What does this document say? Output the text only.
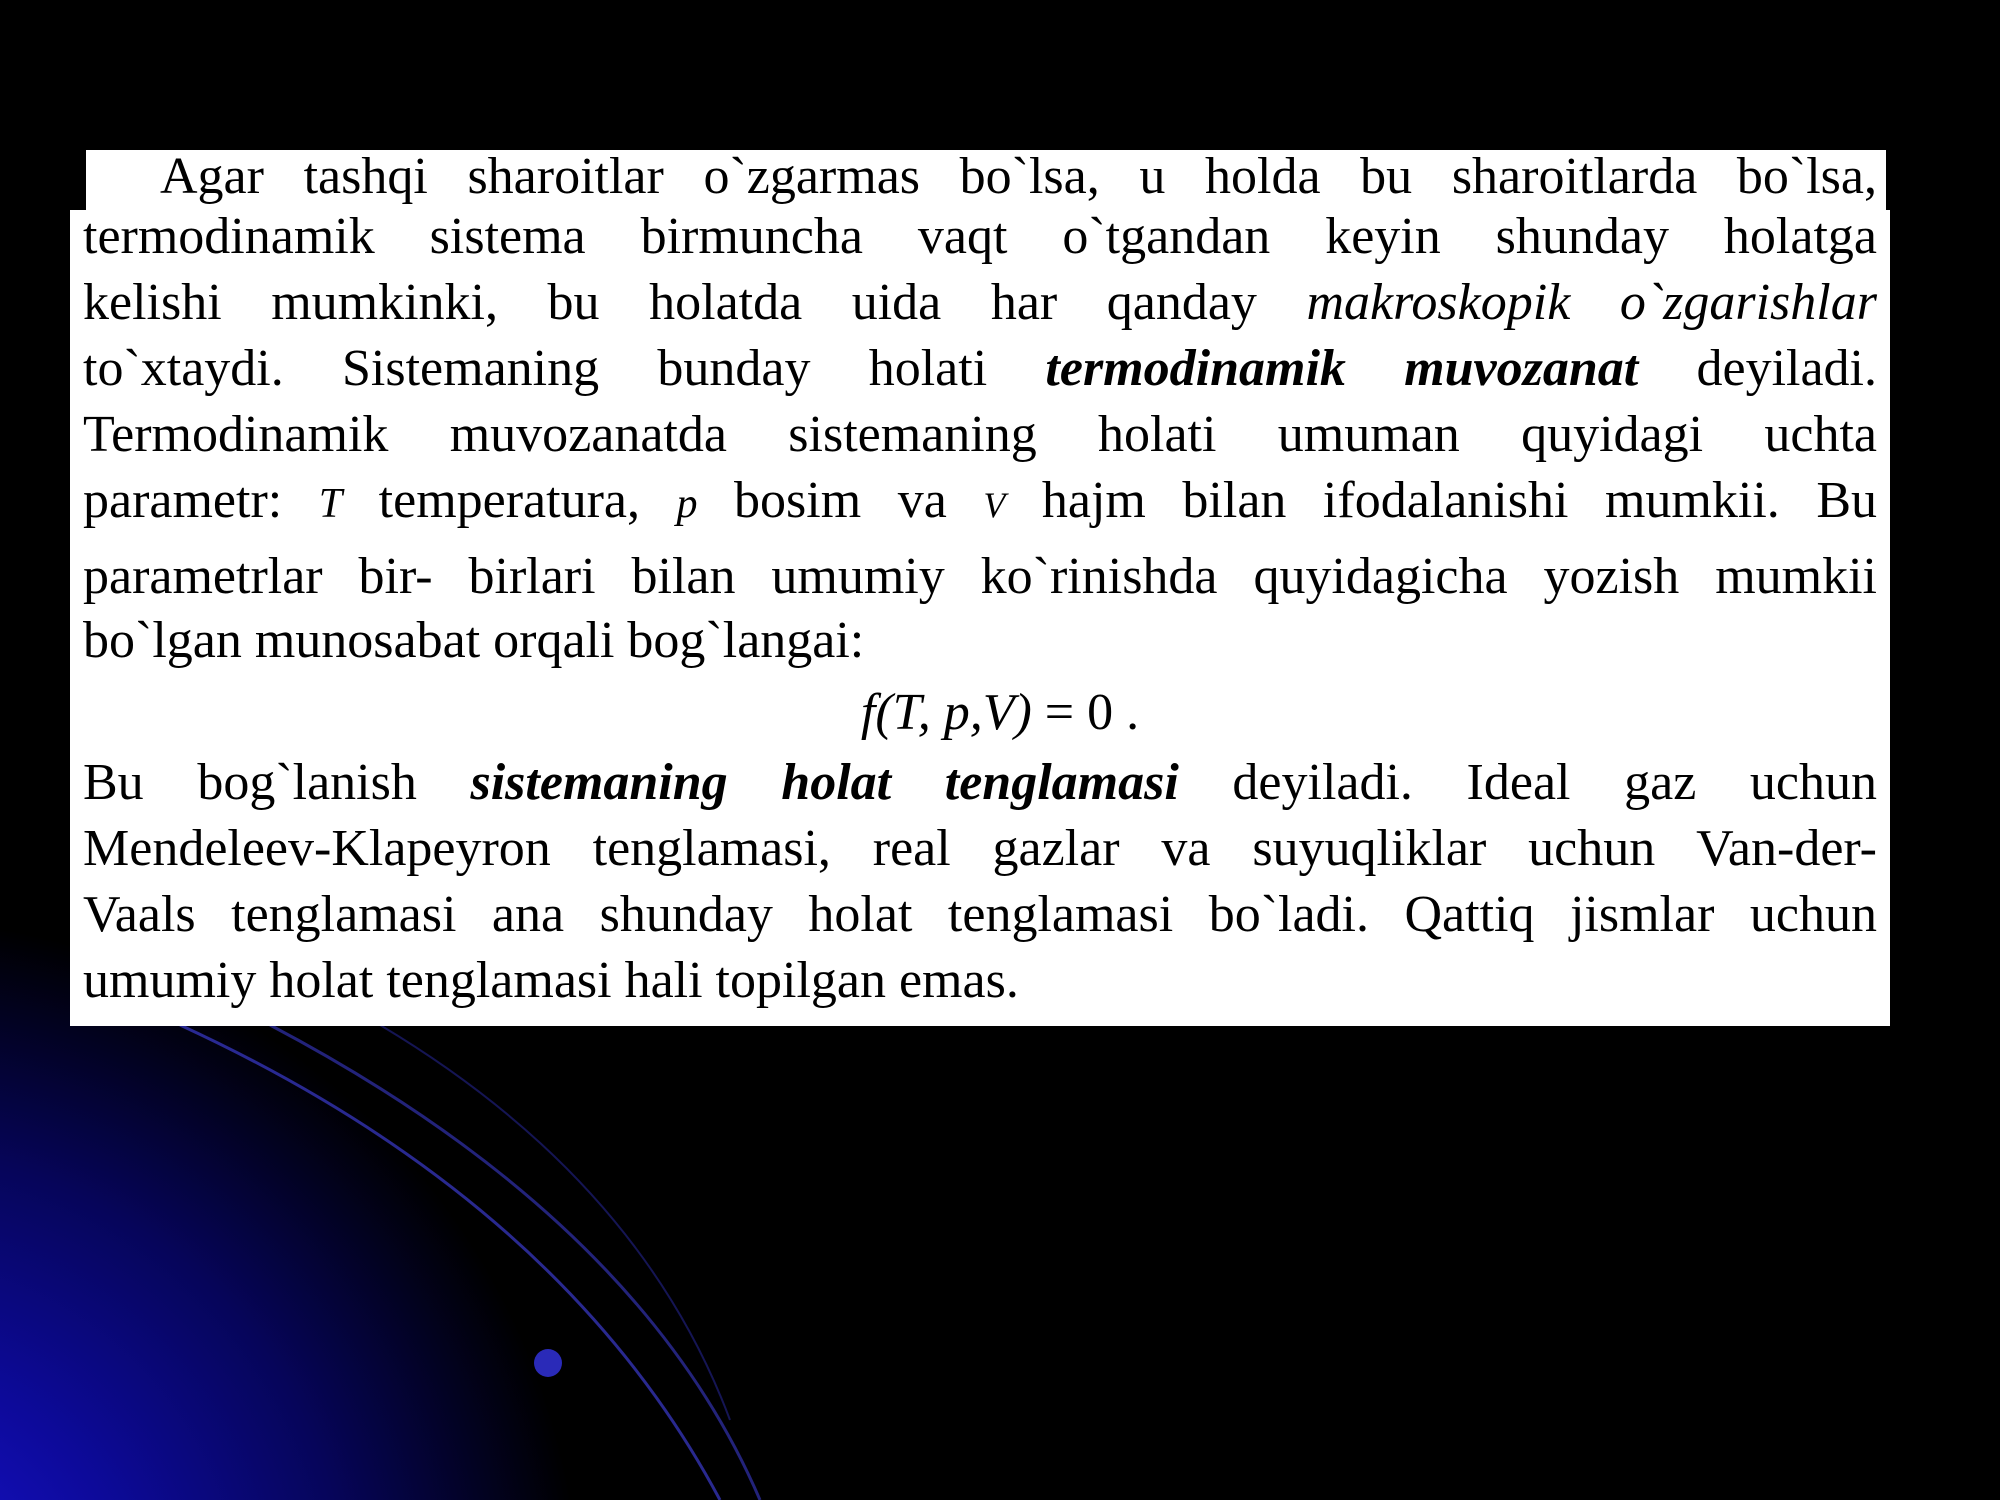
Agar tashqi sharoitlar o`zgarmas bo`lsa, u holda bu sharoitlarda bo`lsa,
termodinamik sistema birmuncha vaqt o`tgandan keyin shunday holatga
kelishi mumkinki, bu holatda uida har qanday makroskopik o`zgarishlar
to`xtaydi. Sistemaning bunday holati termodinamik muvozanat deyiladi.
Termodinamik muvozanatda sistemaning holati umuman quyidagi uchta
parametr: T temperatura, p bosim va V hajm bilan ifodalanishi mumkii. Bu
parametrlar bir- birlari bilan umumiy ko`rinishda quyidagicha yozish mumkii
bo`lgan munosabat orqali bog`langai:
f(T, p,V) = 0 .
Bu bog`lanish sistemaning holat tenglamasi deyiladi. Ideal gaz uchun
Mendeleev-Klapeyron tenglamasi, real gazlar va suyuqliklar uchun Van-der-
Vaals tenglamasi ana shunday holat tenglamasi bo`ladi. Qattiq jismlar uchun
umumiy holat tenglamasi hali topilgan emas.
